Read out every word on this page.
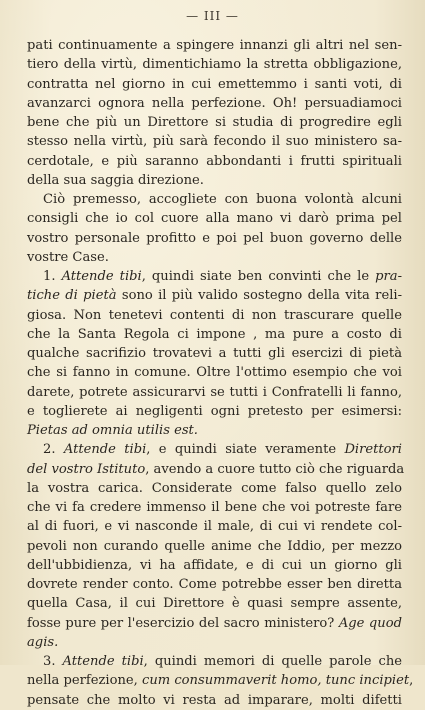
— III —
pati continuamente a spingere innanzi gli altri nel sen-
tiero della virtù, dimentichiamo la stretta obbligazione,
contratta nel giorno in cui emettemmo i santi voti, di
avanzarci ognora nella perfezione. Oh! persuadiamoci
bene che più un Direttore si studia di progredire egli
stesso nella virtù, più sarà fecondo il suo ministero sa-
cerdotale, e più saranno abbondanti i frutti spirituali
della sua saggia direzione.
Ciò premesso, accogliete con buona volontà alcuni
consigli che io col cuore alla mano vi darò prima pel
vostro personale profitto e poi pel buon governo delle
vostre Case.
1. Attende tibi, quindi siate ben convinti che le pra-
tiche di pietà sono il più valido sostegno della vita reli-
giosa. Non tenetevi contenti di non trascurare quelle
che la Santa Regola ci impone , ma pure a costo di
qualche sacrifizio trovatevi a tutti gli esercizi di pietà
che si fanno in comune. Oltre l'ottimo esempio che voi
darete, potrete assicurarvi se tutti i Confratelli li fanno,
e toglierete ai negligenti ogni pretesto per esimersi:
Pietas ad omnia utilis est.
2. Attende tibi, e quindi siate veramente Direttori
del vostro Istituto, avendo a cuore tutto ciò che riguarda
la vostra carica. Considerate come falso quello zelo
che vi fa credere immenso il bene che voi potreste fare
al di fuori, e vi nasconde il male, di cui vi rendete col-
pevoli non curando quelle anime che Iddio, per mezzo
dell'ubbidienza, vi ha affidate, e di cui un giorno gli
dovrete render conto. Come potrebbe esser ben diretta
quella Casa, il cui Direttore è quasi sempre assente,
fosse pure per l'esercizio del sacro ministero? Age quod
agis.
3. Attende tibi, quindi memori di quelle parole che
nella perfezione, cum consummaverit homo, tunc incipiet,
pensate che molto vi resta ad imparare, molti difetti
